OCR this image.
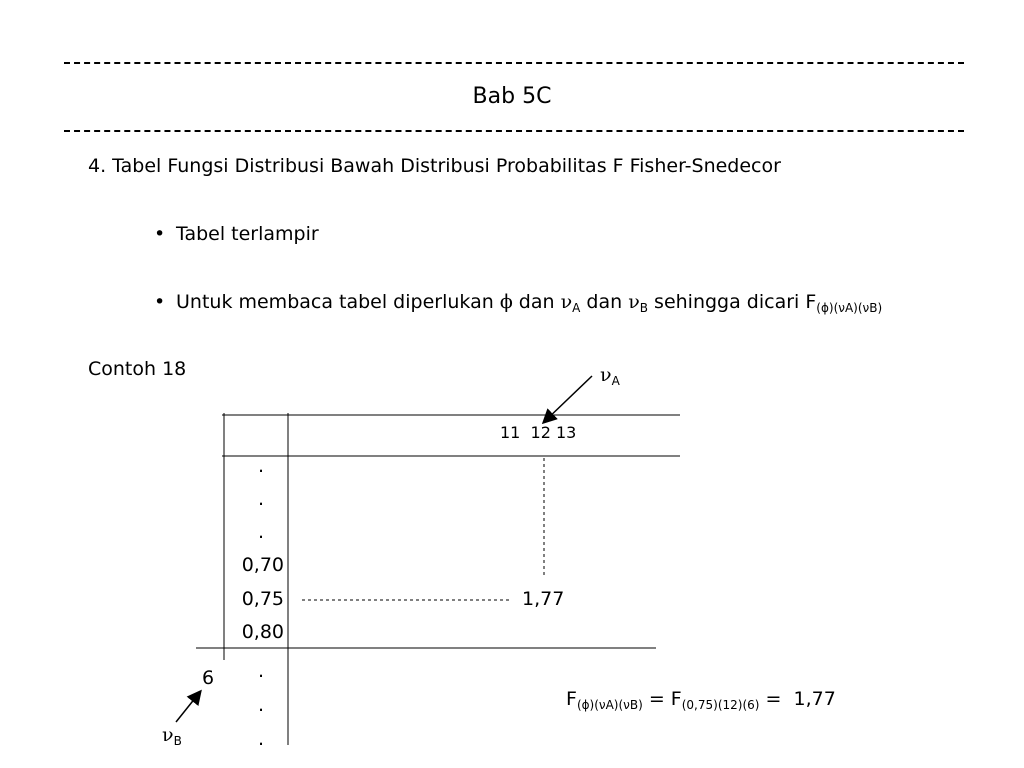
Bab 5C
4. Tabel Fungsi Distribusi Bawah Distribusi Probabilitas F Fisher-Snedecor
• Tabel terlampir
• Untuk membaca tabel diperlukan ϕ dan $\nu_A$ dan $\nu_B$ sehingga dicari $F_{(\phi)(\nu A)(\nu B)}$
Contoh 18	$\nu_A$
11  12 13
.
.
.
0,70
0,75
0,80
1,77
.
.
.
6
$\nu_B$
$F_{(\phi)(\nu A)(\nu B)} = F_{(0,75)(12)(6)} = 1,77$
